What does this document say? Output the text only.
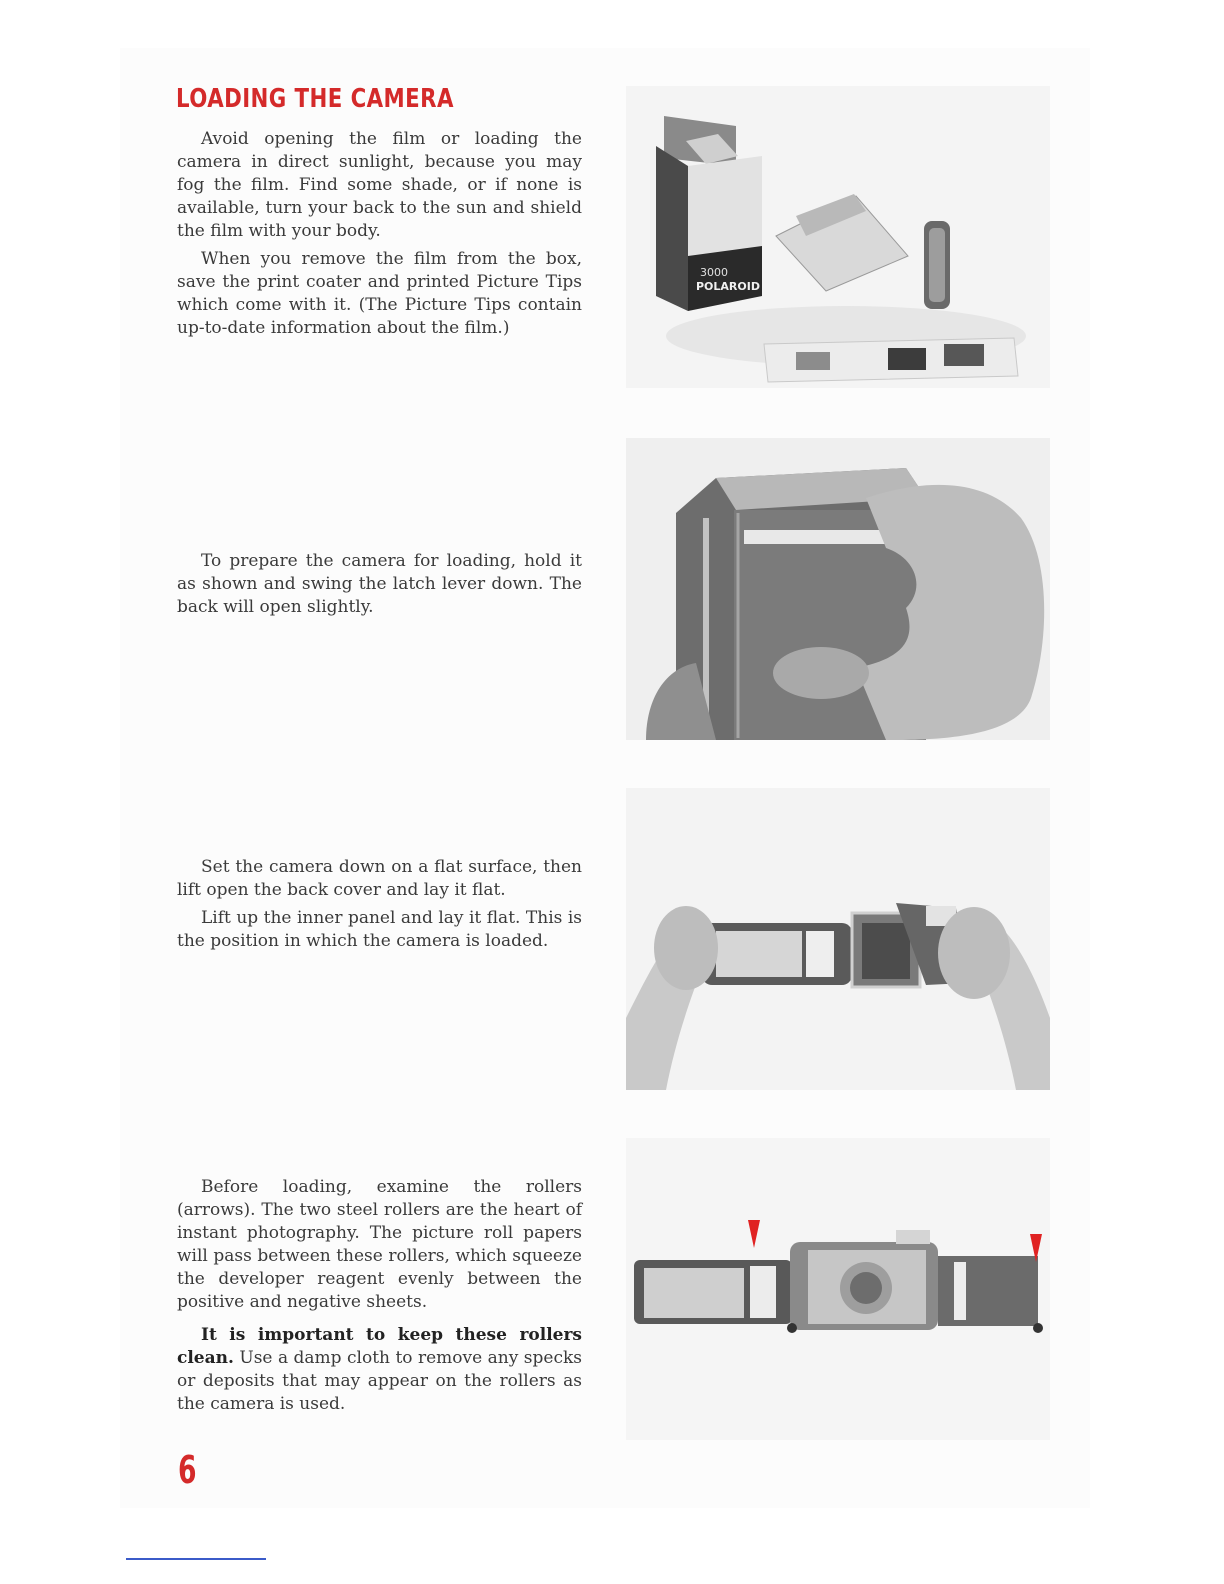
LOADING THE CAMERA

Avoid opening the film or loading the camera in direct sunlight, because you may fog the film. Find some shade, or if none is available, turn your back to the sun and shield the film with your body.

When you remove the film from the box, save the print coater and printed Picture Tips which come with it. (The Picture Tips contain up-to-date information about the film.)

3000
POLAROID

To prepare the camera for loading, hold it as shown and swing the latch lever down. The back will open slightly.

Set the camera down on a flat surface, then lift open the back cover and lay it flat.

Lift up the inner panel and lay it flat. This is the position in which the camera is loaded.

Before loading, examine the rollers (arrows). The two steel rollers are the heart of instant photography. The picture roll papers will pass between these rollers, which squeeze the developer reagent evenly between the positive and negative sheets.

It is important to keep these rollers clean. Use a damp cloth to remove any specks or deposits that may appear on the rollers as the camera is used.

6
